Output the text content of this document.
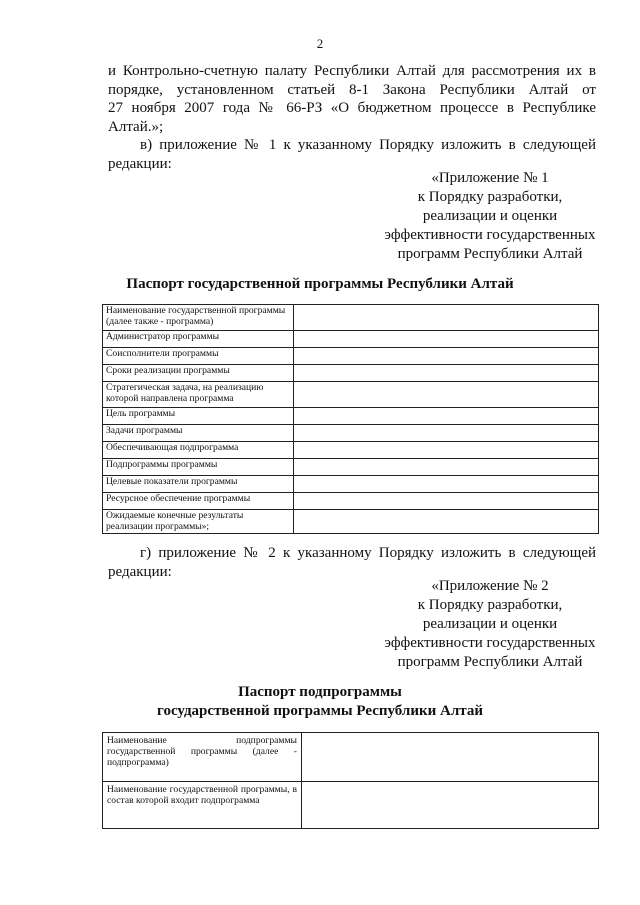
2

и Контрольно-счетную палату Республики Алтай для рассмотрения их в

порядке, установленном статьей 8-1 Закона Республики Алтай от

27 ноября 2007 года № 66-РЗ «О бюджетном процессе в Республике

Алтай.»;

в) приложение № 1 к указанному Порядку изложить в следующей

редакции:

«Приложение № 1

к Порядку разработки,

реализации и оценки

эффективности государственных

программ Республики Алтай

Паспорт государственной программы Республики Алтай

Наименование государственной программы (далее также - программа)	
Администратор программы	
Соисполнители программы	
Сроки реализации программы	
Стратегическая задача, на реализацию которой направлена программа	
Цель программы	
Задачи программы	
Обеспечивающая подпрограмма	
Подпрограммы программы	
Целевые показатели программы	
Ресурсное обеспечение программы	
Ожидаемые конечные результаты реализации программы»;	

г) приложение № 2 к указанному Порядку изложить в следующей

редакции:

«Приложение № 2

к Порядку разработки,

реализации и оценки

эффективности государственных

программ Республики Алтай

Паспорт подпрограммы

государственной программы Республики Алтай

Наименование подпрограммы государственной программы (далее - подпрограмма)	
Наименование государственной программы, в состав которой входит подпрограмма	
